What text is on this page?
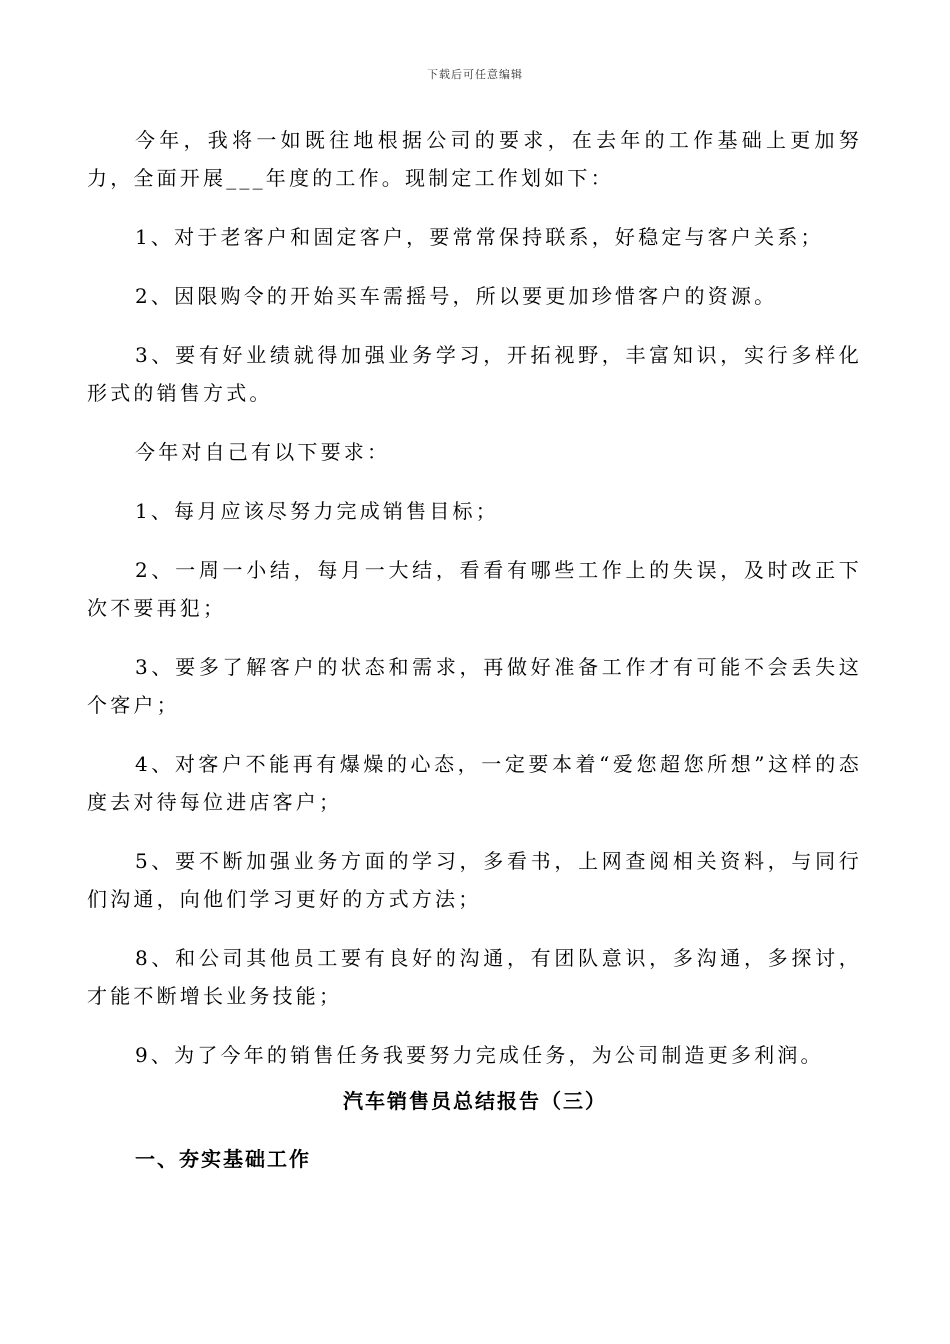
下载后可任意编辑

今年，我将一如既往地根据公司的要求，在去年的工作基础上更加努力，全面开展___年度的工作。现制定工作划如下：

1、对于老客户和固定客户，要常常保持联系，好稳定与客户关系；

2、因限购令的开始买车需摇号，所以要更加珍惜客户的资源。

3、要有好业绩就得加强业务学习，开拓视野，丰富知识，实行多样化形式的销售方式。

今年对自己有以下要求：

1、每月应该尽努力完成销售目标；

2、一周一小结，每月一大结，看看有哪些工作上的失误，及时改正下次不要再犯；

3、要多了解客户的状态和需求，再做好准备工作才有可能不会丢失这个客户；

4、对客户不能再有爆燥的心态，一定要本着“爱您超您所想”这样的态度去对待每位进店客户；

5、要不断加强业务方面的学习，多看书，上网查阅相关资料，与同行们沟通，向他们学习更好的方式方法；

8、和公司其他员工要有良好的沟通，有团队意识，多沟通，多探讨，才能不断增长业务技能；

9、为了今年的销售任务我要努力完成任务，为公司制造更多利润。

汽车销售员总结报告（三）
一、夯实基础工作
